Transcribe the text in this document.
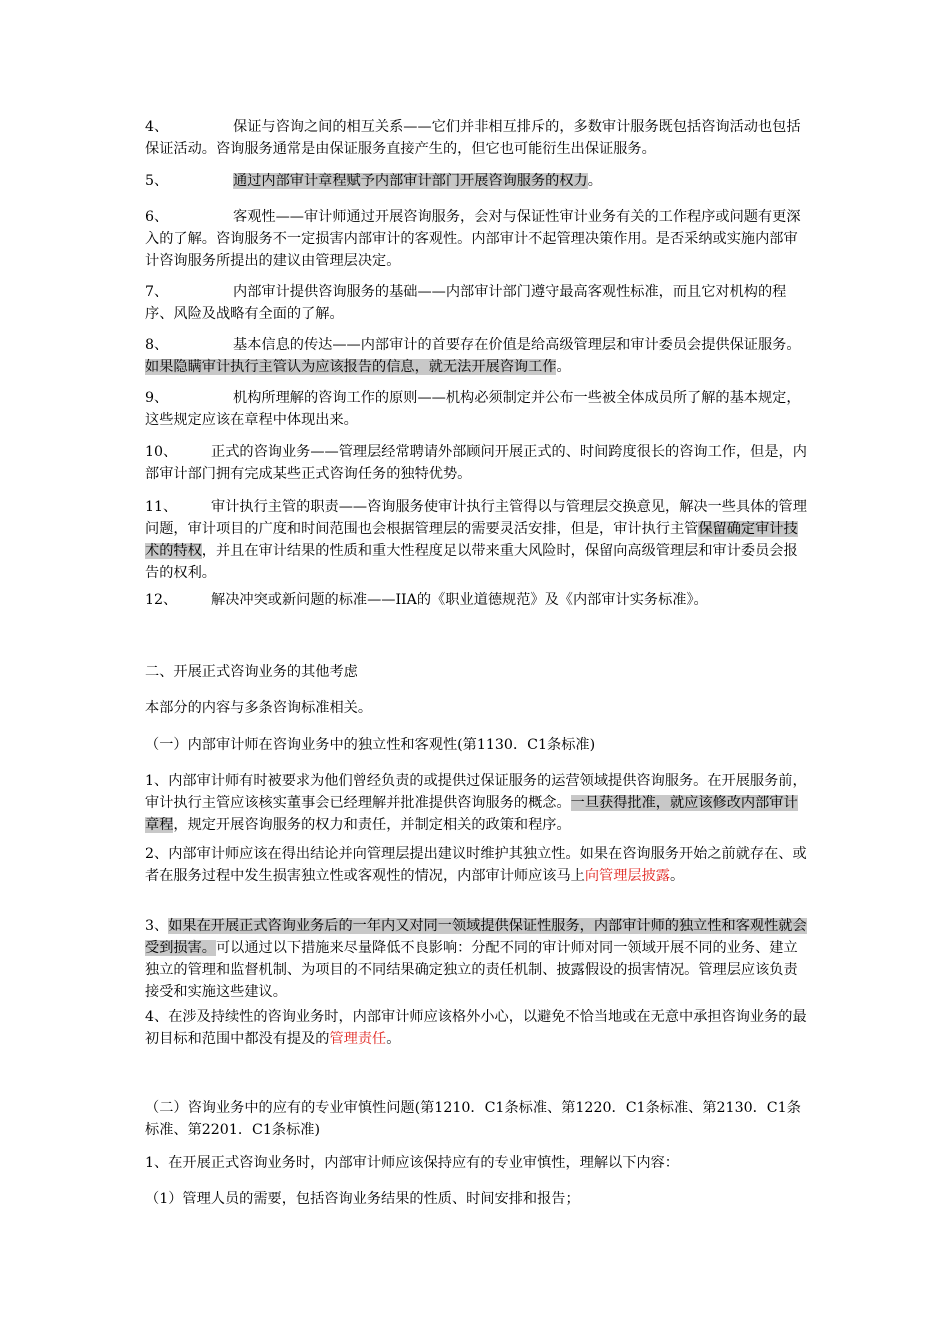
4、	保证与咨询之间的相互关系——它们并非相互排斥的，多数审计服务既包括咨询活动也包括保证活动。咨询服务通常是由保证服务直接产生的，但它也可能衍生出保证服务。

5、	通过内部审计章程赋予内部审计部门开展咨询服务的权力。

6、	客观性——审计师通过开展咨询服务，会对与保证性审计业务有关的工作程序或问题有更深入的了解。咨询服务不一定损害内部审计的客观性。内部审计不起管理决策作用。是否采纳或实施内部审计咨询服务所提出的建议由管理层决定。

7、	内部审计提供咨询服务的基础——内部审计部门遵守最高客观性标准，而且它对机构的程序、风险及战略有全面的了解。

8、	基本信息的传达——内部审计的首要存在价值是给高级管理层和审计委员会提供保证服务。如果隐瞒审计执行主管认为应该报告的信息，就无法开展咨询工作。

9、	机构所理解的咨询工作的原则——机构必须制定并公布一些被全体成员所了解的基本规定，这些规定应该在章程中体现出来。

10、 正式的咨询业务——管理层经常聘请外部顾问开展正式的、时间跨度很长的咨询工作，但是，内部审计部门拥有完成某些正式咨询任务的独特优势。

11、 审计执行主管的职责——咨询服务使审计执行主管得以与管理层交换意见，解决一些具体的管理问题，审计项目的广度和时间范围也会根据管理层的需要灵活安排，但是，审计执行主管保留确定审计技术的特权，并且在审计结果的性质和重大性程度足以带来重大风险时，保留向高级管理层和审计委员会报告的权利。

12、 解决冲突或新问题的标准——IIA的《职业道德规范》及《内部审计实务标准》。

二、开展正式咨询业务的其他考虑

本部分的内容与多条咨询标准相关。

（一）内部审计师在咨询业务中的独立性和客观性(第1130．C1条标准)

1、内部审计师有时被要求为他们曾经负责的或提供过保证服务的运营领域提供咨询服务。在开展服务前，审计执行主管应该核实董事会已经理解并批准提供咨询服务的概念。一旦获得批准，就应该修改内部审计章程，规定开展咨询服务的权力和责任，并制定相关的政策和程序。

2、内部审计师应该在得出结论并向管理层提出建议时维护其独立性。如果在咨询服务开始之前就存在、或者在服务过程中发生损害独立性或客观性的情况，内部审计师应该马上向管理层披露。

3、如果在开展正式咨询业务后的一年内又对同一领域提供保证性服务，内部审计师的独立性和客观性就会受到损害。可以通过以下措施来尽量降低不良影响：分配不同的审计师对同一领域开展不同的业务、建立独立的管理和监督机制、为项目的不同结果确定独立的责任机制、披露假设的损害情况。管理层应该负责接受和实施这些建议。

4、在涉及持续性的咨询业务时，内部审计师应该格外小心，以避免不恰当地或在无意中承担咨询业务的最初目标和范围中都没有提及的管理责任。

（二）咨询业务中的应有的专业审慎性问题(第1210．C1条标准、第1220．C1条标准、第2130．C1条标准、第2201．C1条标准)

1、在开展正式咨询业务时，内部审计师应该保持应有的专业审慎性，理解以下内容：

（1）管理人员的需要，包括咨询业务结果的性质、时间安排和报告；
